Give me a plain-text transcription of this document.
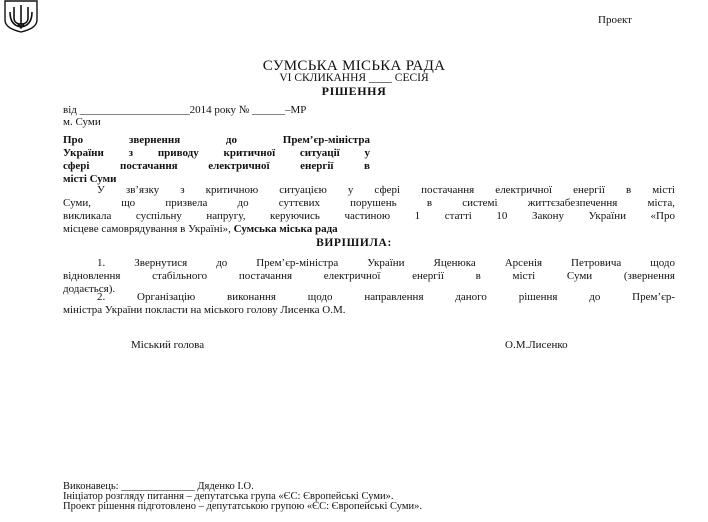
Проект
СУМСЬКА МІСЬКА РАДА
VI СКЛИКАННЯ ____ СЕСІЯ
РІШЕННЯ
від ____________________2014 року № ______–МР
м. Суми
Про звернення до Прем’єр-міністра
України з приводу критичної ситуації у
сфері постачання електричної енергії в
місті Суми
У зв’язку з критичною ситуацією у сфері постачання електричної енергії в місті
Суми, що призвела до суттєвих порушень в системі життєзабезпечення міста,
викликала суспільну напругу, керуючись частиною 1 статті 10 Закону України «Про
місцеве самоврядування в Україні», Сумська міська рада
ВИРІШИЛА:
1. Звернутися до Прем’єр-міністра України Яценюка Арсенія Петровича щодо
відновлення стабільного постачання електричної енергії в місті Суми (звернення
додається).
2. Організацію виконання щодо направлення даного рішення до Прем’єр-
міністра України покласти на міського голову Лисенка О.М.
Міський голова	О.М.Лисенко
Виконавець: ______________ Дяденко І.О.
Ініціатор розгляду питання – депутатська група «ЄС: Європейські Суми».
Проект рішення підготовлено – депутатською групою «ЄС: Європейські Суми».
